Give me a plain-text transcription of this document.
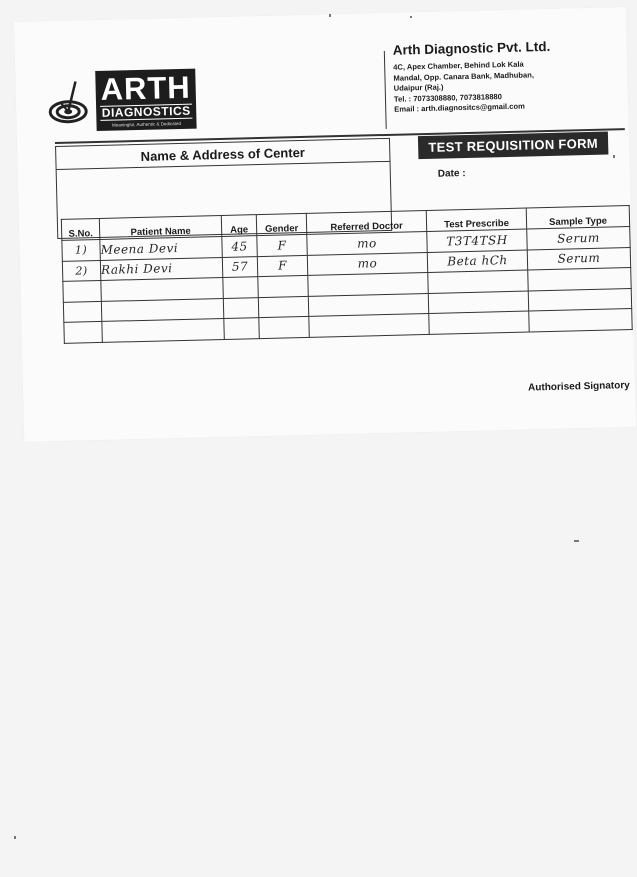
ARTH
DIAGNOSTICS
Meaningful, Authentic & Dedicated
Arth Diagnostic Pvt. Ltd.
4C, Apex Chamber, Behind Lok Kala
Mandal, Opp. Canara Bank, Madhuban,
Udaipur (Raj.)
Tel. : 7073308880, 7073818880
Email : arth.diagnositcs@gmail.com
Name & Address of Center	TEST REQUISITION FORM
Date :
S.No.	Patient Name	Age	Gender	Referred Doctor	Test Prescribe	Sample Type
1)	Meena Devi	45	F	mo	T3T4TSH	Serum
2)	Rakhi Devi	57	F	mo	Beta hCh	Serum

Authorised Signatory
